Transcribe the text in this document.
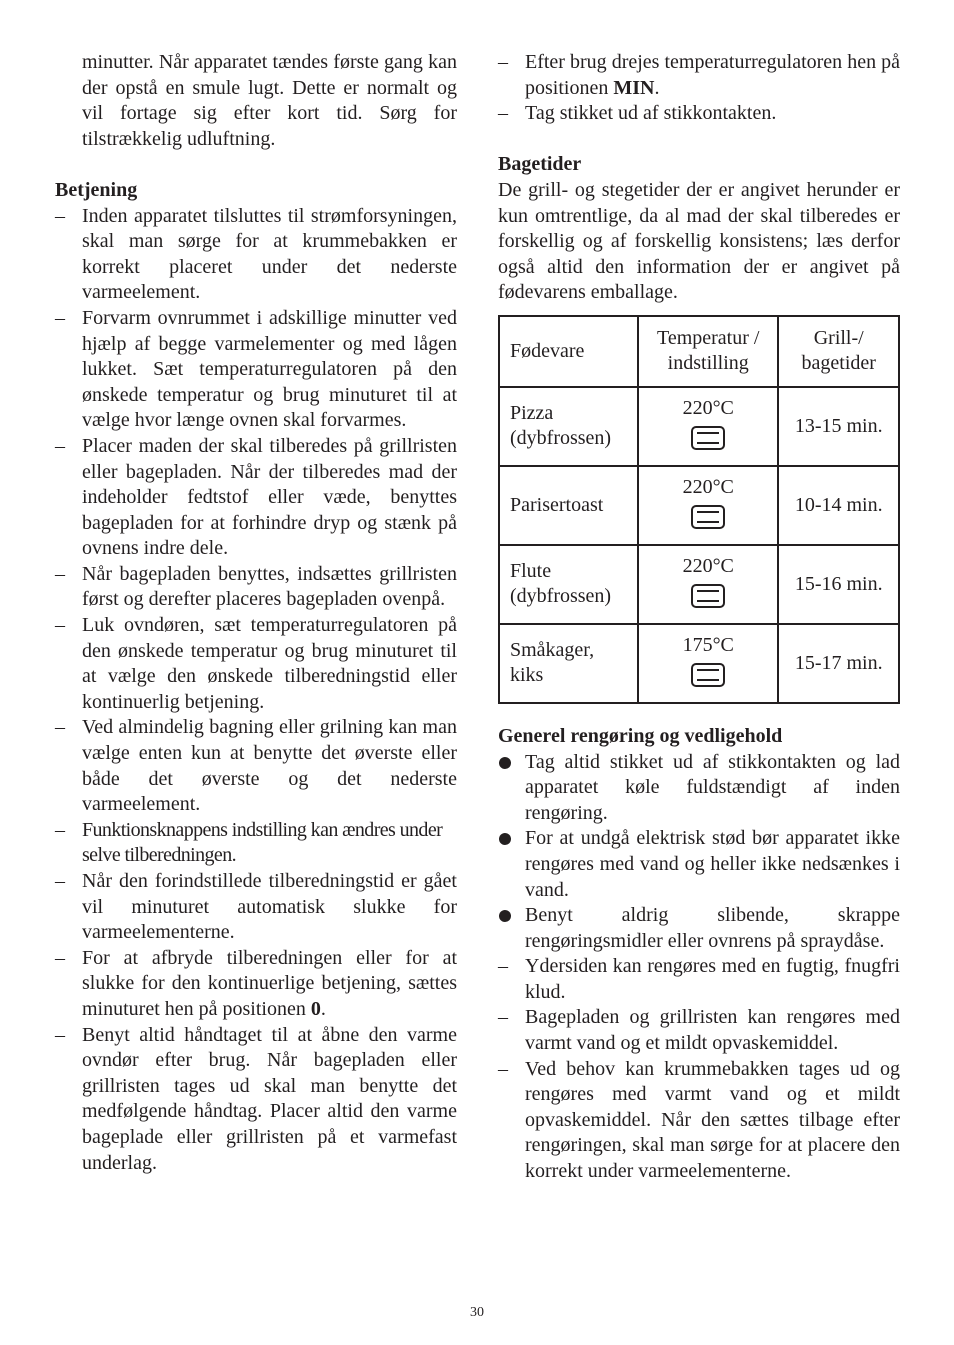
minutter. Når apparatet tændes første gang kan der opstå en smule lugt. Dette er normalt og vil fortage sig efter kort tid. Sørg for tilstrækkelig udluftning.

Betjening
– Inden apparatet tilsluttes til strømforsyningen, skal man sørge for at krummebakken er korrekt placeret under det nederste varmeelement.
– Forvarm ovnrummet i adskillige minutter ved hjælp af begge varmelementer og med lågen lukket. Sæt temperaturregulatoren på den ønskede temperatur og brug minuturet til at vælge hvor længe ovnen skal forvarmes.
– Placer maden der skal tilberedes på grillristen eller bagepladen. Når der tilberedes mad der indeholder fedtstof eller væde, benyttes bagepladen for at forhindre dryp og stænk på ovnens indre dele.
– Når bagepladen benyttes, indsættes grillristen først og derefter placeres bagepladen ovenpå.
– Luk ovndøren, sæt temperaturregulatoren på den ønskede temperatur og brug minuturet til at vælge den ønskede tilberedningstid eller kontinuerlig betjening.
– Ved almindelig bagning eller grilning kan man vælge enten kun at benytte det øverste eller både det øverste og det nederste varmeelement.
– Funktionsknappens indstilling kan ændres under selve tilberedningen.
– Når den forindstillede tilberedningstid er gået vil minuturet automatisk slukke for varmeelementerne.
– For at afbryde tilberedningen eller for at slukke for den kontinuerlige betjening, sættes minuturet hen på positionen 0.
– Benyt altid håndtaget til at åbne den varme ovndør efter brug. Når bagepladen eller grillristen tages ud skal man benytte det medfølgende håndtag. Placer altid den varme bageplade eller grillristen på et varmefast underlag.
– Efter brug drejes temperaturregulatoren hen på positionen MIN.
– Tag stikket ud af stikkontakten.
Bagetider

De grill- og stegetider der er angivet herunder er kun omtrentlige, da al mad der skal tilberedes er forskellig og af forskellig konsistens; læs derfor også altid den information der er angivet på fødevarens emballage.

Fødevare	Temperatur / indstilling	Grill-/ bagetider
Pizza (dybfrossen)	220°C	13-15 min.
Parisertoast	220°C	10-14 min.
Flute (dybfrossen)	220°C	15-16 min.
Småkager, kiks	175°C	15-17 min.
Generel rengøring og vedligehold
Tag altid stikket ud af stikkontakten og lad apparatet køle fuldstændigt af inden rengøring.
For at undgå elektrisk stød bør apparatet ikke rengøres med vand og heller ikke nedsænkes i vand.
Benyt aldrig slibende, skrappe rengøringsmidler eller ovnrens på spraydåse.
– Ydersiden kan rengøres med en fugtig, fnugfri klud.
– Bagepladen og grillristen kan rengøres med varmt vand og et mildt opvaskemiddel.
– Ved behov kan krummebakken tages ud og rengøres med varmt vand og et mildt opvaskemiddel. Når den sættes tilbage efter rengøringen, skal man sørge for at placere den korrekt under varmeelementerne.
30
